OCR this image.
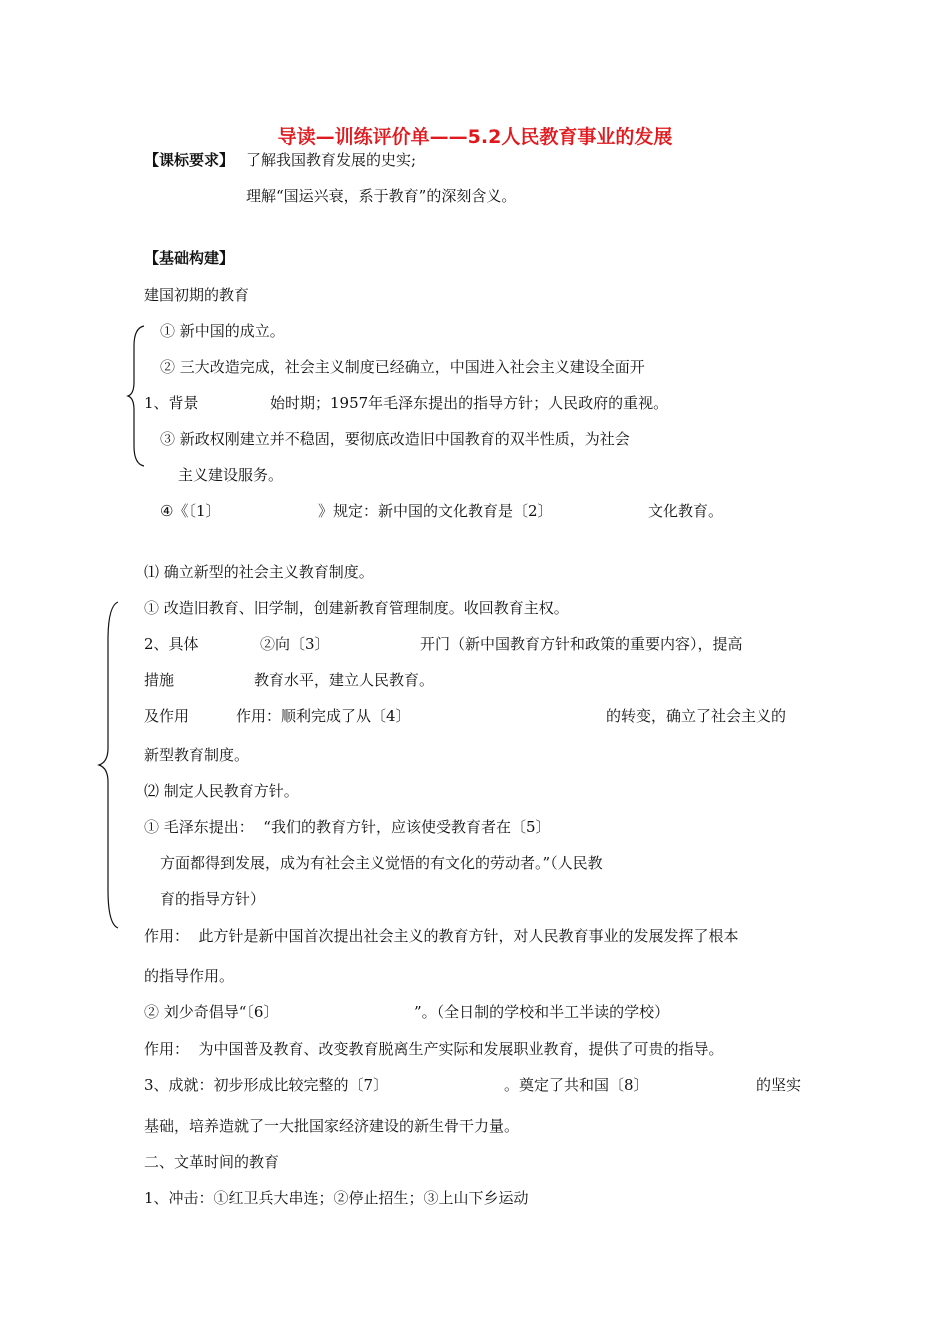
导读—训练评价单——5.2人民教育事业的发展
【课标要求】 了解我国教育发展的史实;
理解“国运兴衰，系于教育”的深刻含义。
【基础构建】
建国初期的教育
① 新中国的成立。
② 三大改造完成，社会主义制度已经确立，中国进入社会主义建设全面开
1、背景	始时期；1957年毛泽东提出的指导方针；人民政府的重视。
③ 新政权刚建立并不稳固，要彻底改造旧中国教育的双半性质，为社会
主义建设服务。
④《〔1〕	》规定：新中国的文化教育是〔2〕	文化教育。
⑴ 确立新型的社会主义教育制度。
① 改造旧教育、旧学制，创建新教育管理制度。收回教育主权。
2、具体	②向〔3〕	开门（新中国教育方针和政策的重要内容），提高
措施	教育水平，建立人民教育。
及作用	作用：顺利完成了从〔4〕	的转变，确立了社会主义的
新型教育制度。
⑵ 制定人民教育方针。
① 毛泽东提出：  “我们的教育方针，应该使受教育者在〔5〕
方面都得到发展，成为有社会主义觉悟的有文化的劳动者。”（人民教
育的指导方针）
作用：  此方针是新中国首次提出社会主义的教育方针，对人民教育事业的发展发挥了根本
的指导作用。
② 刘少奇倡导“〔6〕	”。（全日制的学校和半工半读的学校）
作用：  为中国普及教育、改变教育脱离生产实际和发展职业教育，提供了可贵的指导。
3、成就：初步形成比较完整的〔7〕	。奠定了共和国〔8〕	的坚实
基础，培养造就了一大批国家经济建设的新生骨干力量。
二、文革时间的教育
1、冲击：①红卫兵大串连；②停止招生；③上山下乡运动
